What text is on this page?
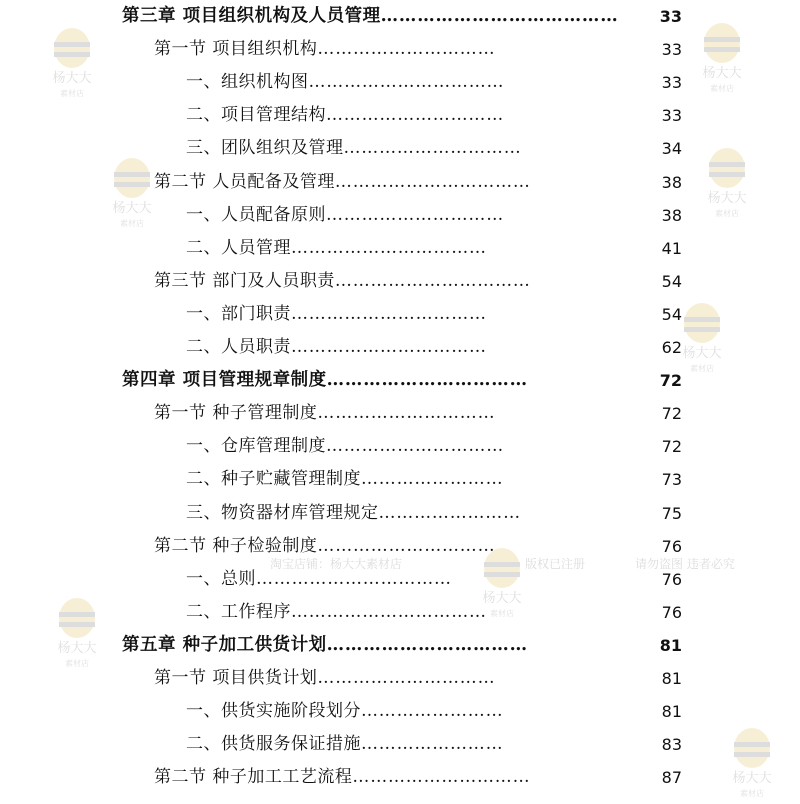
第三章 项目组织机构及人员管理…………………………………	33
第一节 项目组织机构…………………………	33
一、组织机构图……………………………	33
二、项目管理结构…………………………	33
三、团队组织及管理…………………………	34
第二节 人员配备及管理……………………………	38
一、人员配备原则…………………………	38
二、人员管理……………………………	41
第三节 部门及人员职责……………………………	54
一、部门职责……………………………	54
二、人员职责……………………………	62
第四章 项目管理规章制度……………………………	72
第一节 种子管理制度…………………………	72
一、仓库管理制度…………………………	72
二、种子贮藏管理制度……………………	73
三、物资器材库管理规定……………………	75
第二节 种子检验制度…………………………	76
一、总则……………………………	76
二、工作程序……………………………	76
第五章 种子加工供货计划……………………………	81
第一节 项目供货计划…………………………	81
一、供货实施阶段划分……………………	81
二、供货服务保证措施……………………	83
第二节 种子加工工艺流程…………………………	87
杨大大
素材店
杨大大
素材店
杨大大
素材店
杨大大
素材店
杨大大
素材店
杨大大
素材店
杨大大
素材店
杨大大
素材店
淘宝店铺：杨大大素材店	版权已注册	请勿盗图 违者必究
